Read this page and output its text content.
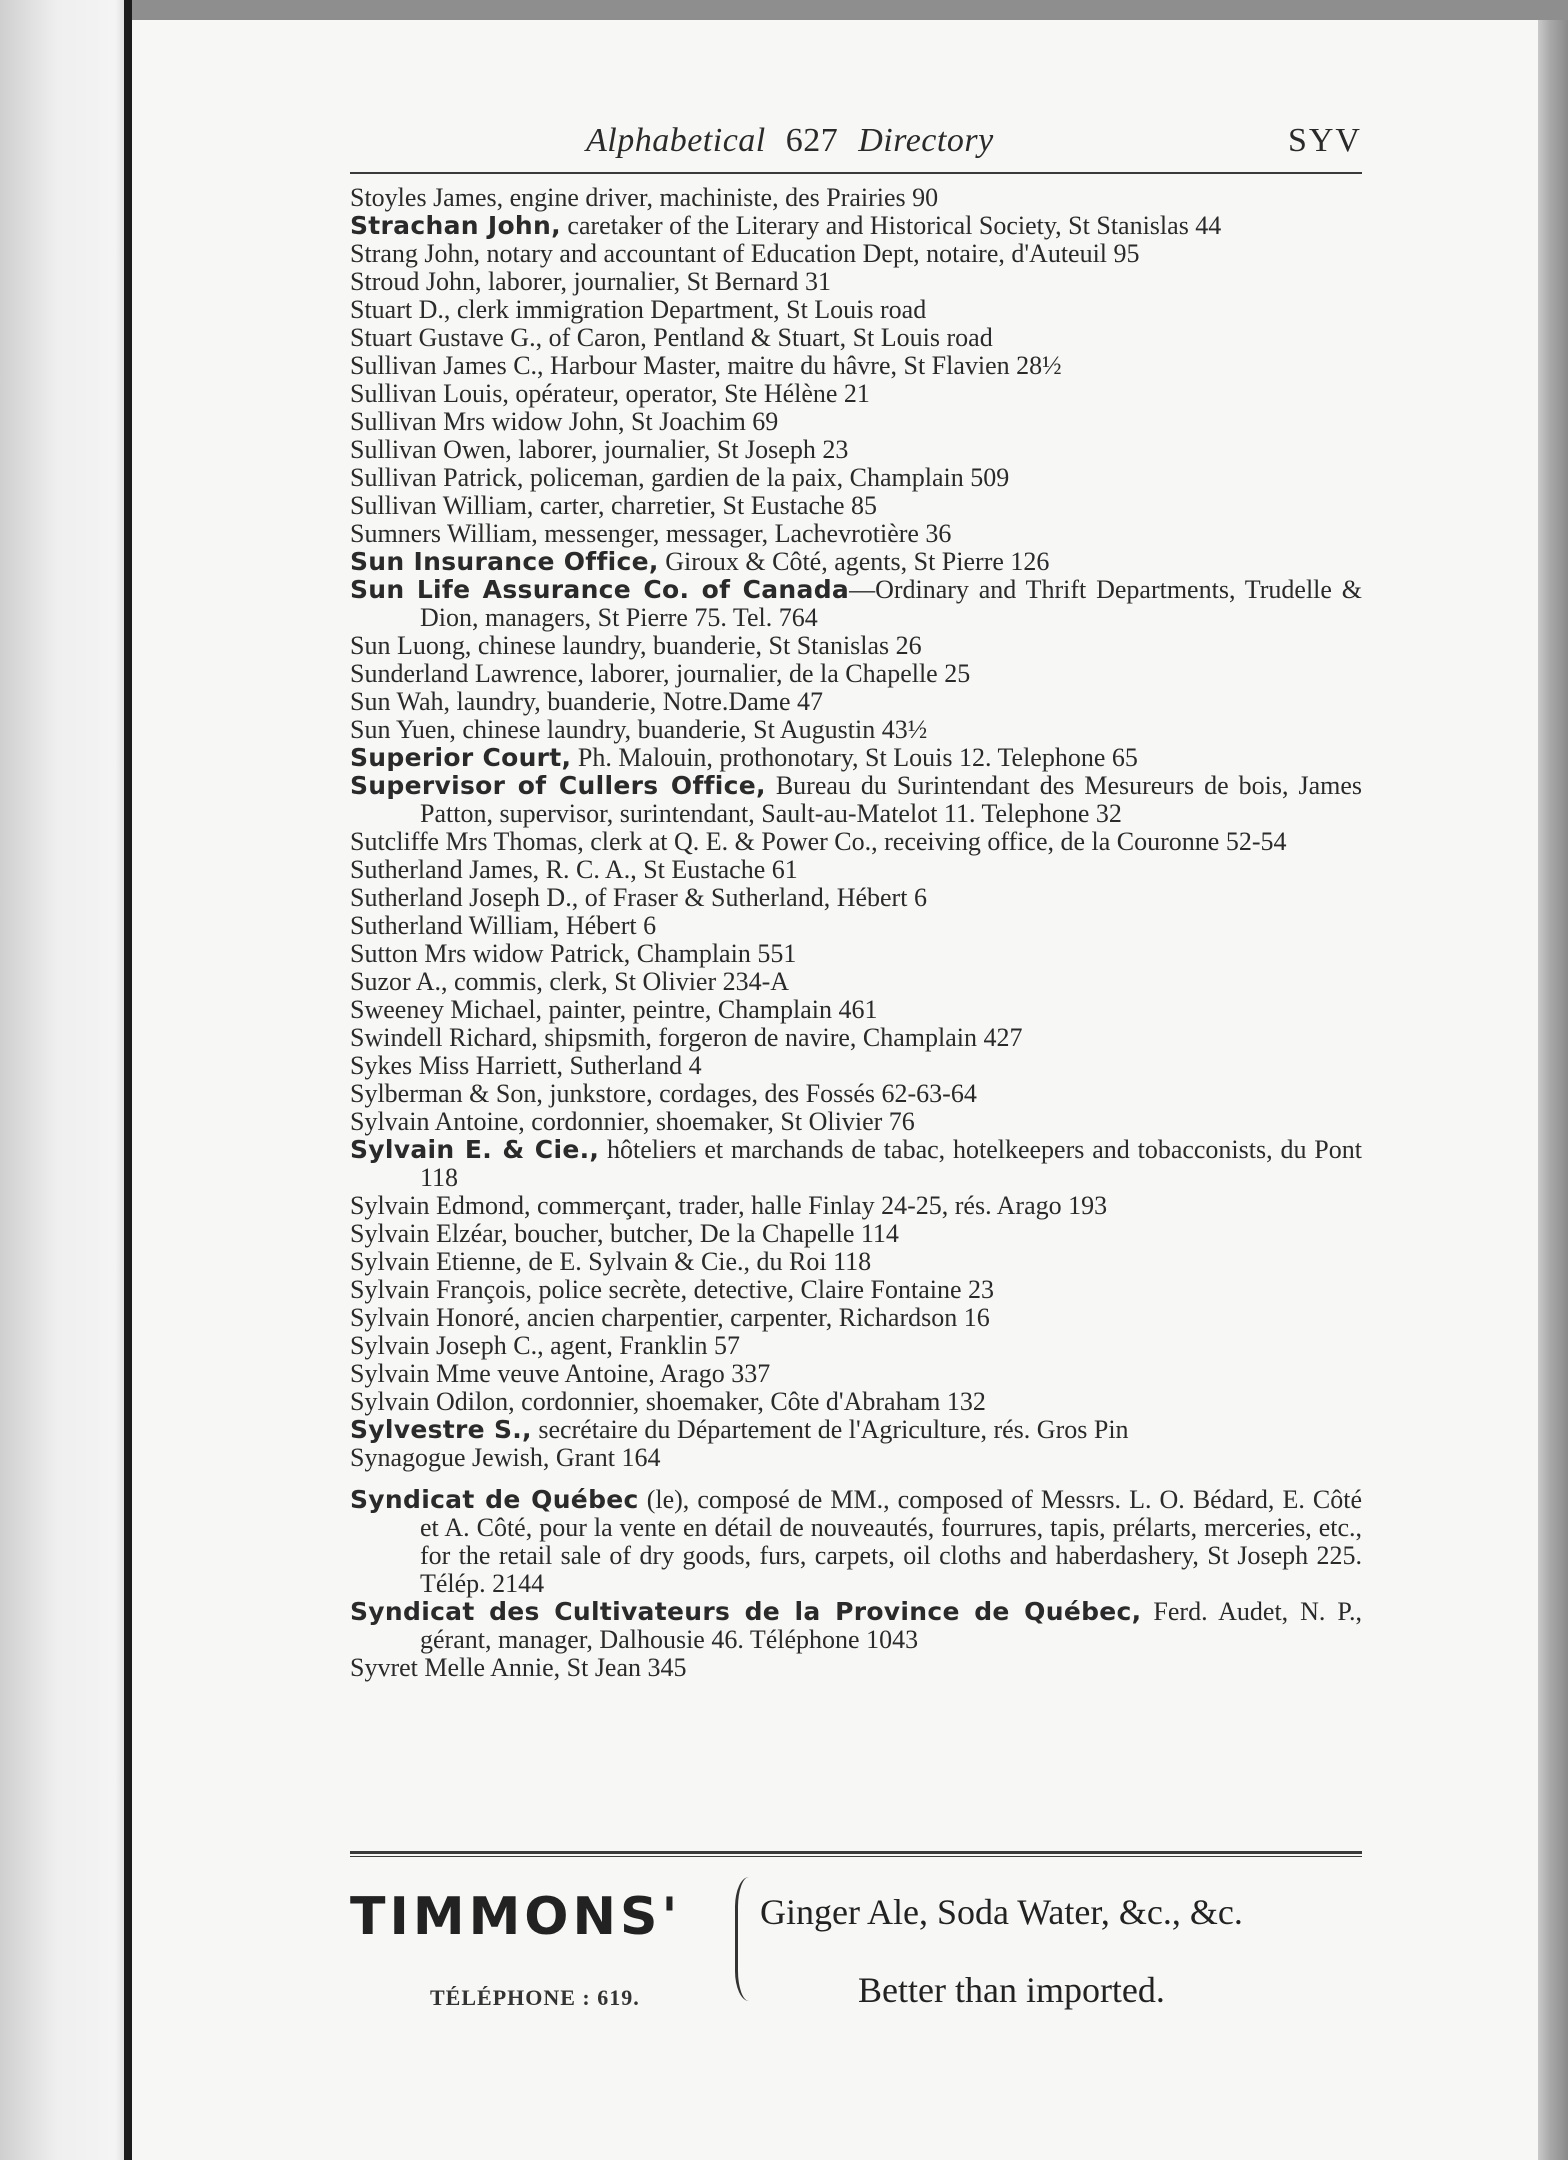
Alphabetical 627 Directory	SYV
Stoyles James, engine driver, machiniste, des Prairies 90
Strachan John, caretaker of the Literary and Historical Society, St Stanislas 44
Strang John, notary and accountant of Education Dept, notaire, d'Auteuil 95
Stroud John, laborer, journalier, St Bernard 31
Stuart D., clerk immigration Department, St Louis road
Stuart Gustave G., of Caron, Pentland & Stuart, St Louis road
Sullivan James C., Harbour Master, maitre du hâvre, St Flavien 28½
Sullivan Louis, opérateur, operator, Ste Hélène 21
Sullivan Mrs widow John, St Joachim 69
Sullivan Owen, laborer, journalier, St Joseph 23
Sullivan Patrick, policeman, gardien de la paix, Champlain 509
Sullivan William, carter, charretier, St Eustache 85
Sumners William, messenger, messager, Lachevrotière 36
Sun Insurance Office, Giroux & Côté, agents, St Pierre 126
Sun Life Assurance Co. of Canada—Ordinary and Thrift Departments, Trudelle & Dion, managers, St Pierre 75. Tel. 764
Sun Luong, chinese laundry, buanderie, St Stanislas 26
Sunderland Lawrence, laborer, journalier, de la Chapelle 25
Sun Wah, laundry, buanderie, Notre.Dame 47
Sun Yuen, chinese laundry, buanderie, St Augustin 43½
Superior Court, Ph. Malouin, prothonotary, St Louis 12. Telephone 65
Supervisor of Cullers Office, Bureau du Surintendant des Mesureurs de bois, James Patton, supervisor, surintendant, Sault-au-Matelot 11. Telephone 32
Sutcliffe Mrs Thomas, clerk at Q. E. & Power Co., receiving office, de la Couronne 52-54
Sutherland James, R. C. A., St Eustache 61
Sutherland Joseph D., of Fraser & Sutherland, Hébert 6
Sutherland William, Hébert 6
Sutton Mrs widow Patrick, Champlain 551
Suzor A., commis, clerk, St Olivier 234-A
Sweeney Michael, painter, peintre, Champlain 461
Swindell Richard, shipsmith, forgeron de navire, Champlain 427
Sykes Miss Harriett, Sutherland 4
Sylberman & Son, junkstore, cordages, des Fossés 62-63-64
Sylvain Antoine, cordonnier, shoemaker, St Olivier 76
Sylvain E. & Cie., hôteliers et marchands de tabac, hotelkeepers and tobacconists, du Pont 118
Sylvain Edmond, commerçant, trader, halle Finlay 24-25, rés. Arago 193
Sylvain Elzéar, boucher, butcher, De la Chapelle 114
Sylvain Etienne, de E. Sylvain & Cie., du Roi 118
Sylvain François, police secrète, detective, Claire Fontaine 23
Sylvain Honoré, ancien charpentier, carpenter, Richardson 16
Sylvain Joseph C., agent, Franklin 57
Sylvain Mme veuve Antoine, Arago 337
Sylvain Odilon, cordonnier, shoemaker, Côte d'Abraham 132
Sylvestre S., secrétaire du Département de l'Agriculture, rés. Gros Pin
Synagogue Jewish, Grant 164
Syndicat de Québec (le), composé de MM., composed of Messrs. L. O. Bédard, E. Côté et A. Côté, pour la vente en détail de nouveautés, fourrures, tapis, prélarts, merceries, etc., for the retail sale of dry goods, furs, carpets, oil cloths and haberdashery, St Joseph 225. Télép. 2144
Syndicat des Cultivateurs de la Province de Québec, Ferd. Audet, N. P., gérant, manager, Dalhousie 46. Téléphone 1043
Syvret Melle Annie, St Jean 345
TIMMONS'
TÉLÉPHONE : 619.
Ginger Ale, Soda Water, &c., &c.
Better than imported.
